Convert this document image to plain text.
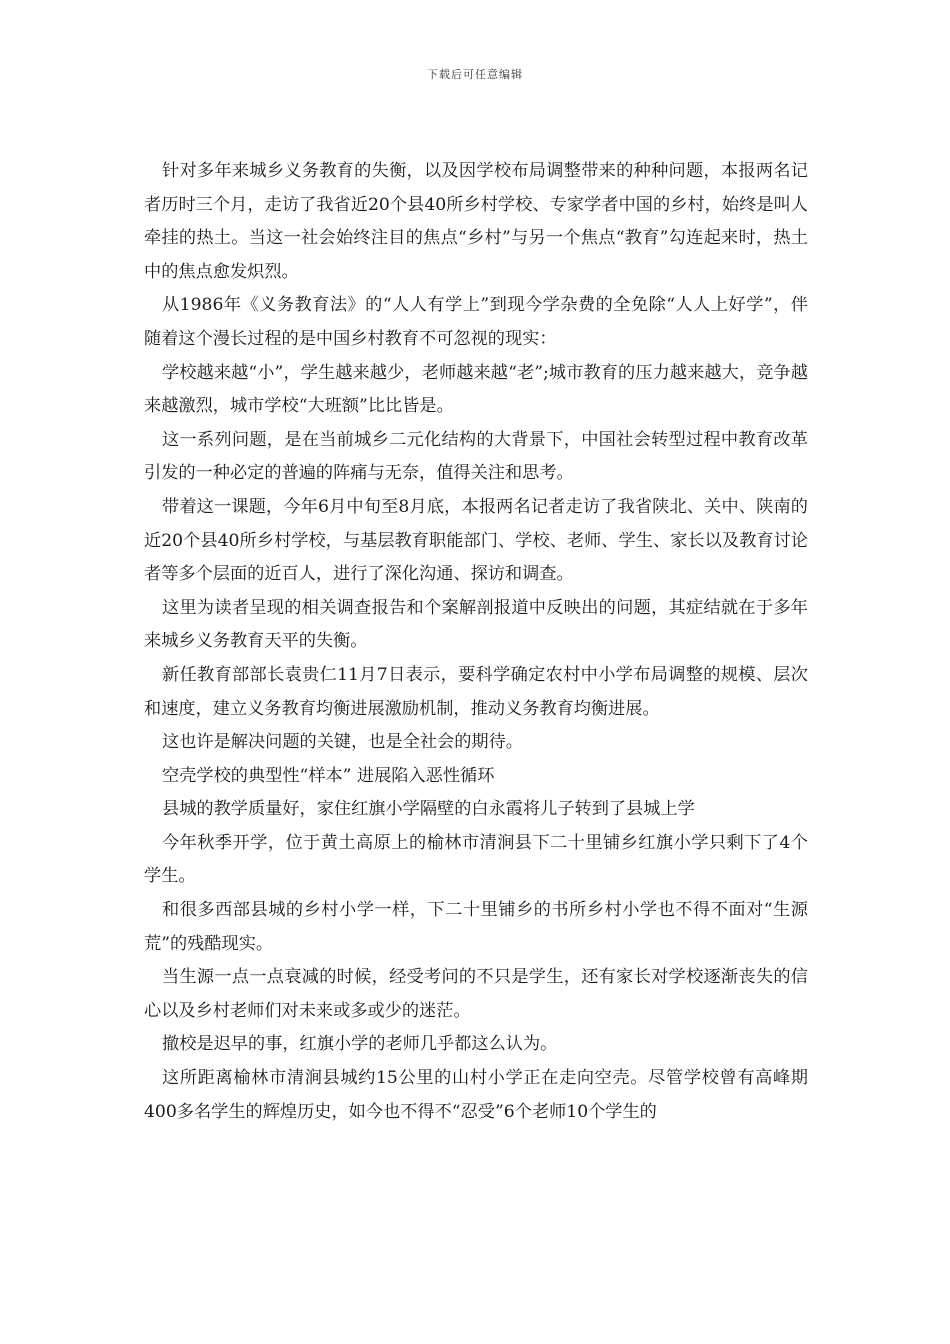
下载后可任意编辑

针对多年来城乡义务教育的失衡，以及因学校布局调整带来的种种问题，本报两名记者历时三个月，走访了我省近20个县40所乡村学校、专家学者中国的乡村，始终是叫人牵挂的热土。当这一社会始终注目的焦点“乡村”与另一个焦点“教育”勾连起来时，热土中的焦点愈发炽烈。

从1986年《义务教育法》的“人人有学上”到现今学杂费的全免除“人人上好学”，伴随着这个漫长过程的是中国乡村教育不可忽视的现实：

学校越来越“小”，学生越来越少，老师越来越“老”;城市教育的压力越来越大，竞争越来越激烈，城市学校“大班额”比比皆是。

这一系列问题，是在当前城乡二元化结构的大背景下，中国社会转型过程中教育改革引发的一种必定的普遍的阵痛与无奈，值得关注和思考。

带着这一课题，今年6月中旬至8月底，本报两名记者走访了我省陕北、关中、陕南的近20个县40所乡村学校，与基层教育职能部门、学校、老师、学生、家长以及教育讨论者等多个层面的近百人，进行了深化沟通、探访和调查。

这里为读者呈现的相关调查报告和个案解剖报道中反映出的问题，其症结就在于多年来城乡义务教育天平的失衡。

新任教育部部长袁贵仁11月7日表示，要科学确定农村中小学布局调整的规模、层次和速度，建立义务教育均衡进展激励机制，推动义务教育均衡进展。

这也许是解决问题的关键，也是全社会的期待。

空壳学校的典型性“样本” 进展陷入恶性循环

县城的教学质量好，家住红旗小学隔壁的白永霞将儿子转到了县城上学

今年秋季开学，位于黄土高原上的榆林市清涧县下二十里铺乡红旗小学只剩下了4个学生。

和很多西部县城的乡村小学一样，下二十里铺乡的书所乡村小学也不得不面对“生源荒”的残酷现实。

当生源一点一点衰减的时候，经受考问的不只是学生，还有家长对学校逐渐丧失的信心以及乡村老师们对未来或多或少的迷茫。

撤校是迟早的事，红旗小学的老师几乎都这么认为。

这所距离榆林市清涧县城约15公里的山村小学正在走向空壳。尽管学校曾有高峰期400多名学生的辉煌历史，如今也不得不“忍受”6个老师10个学生的
